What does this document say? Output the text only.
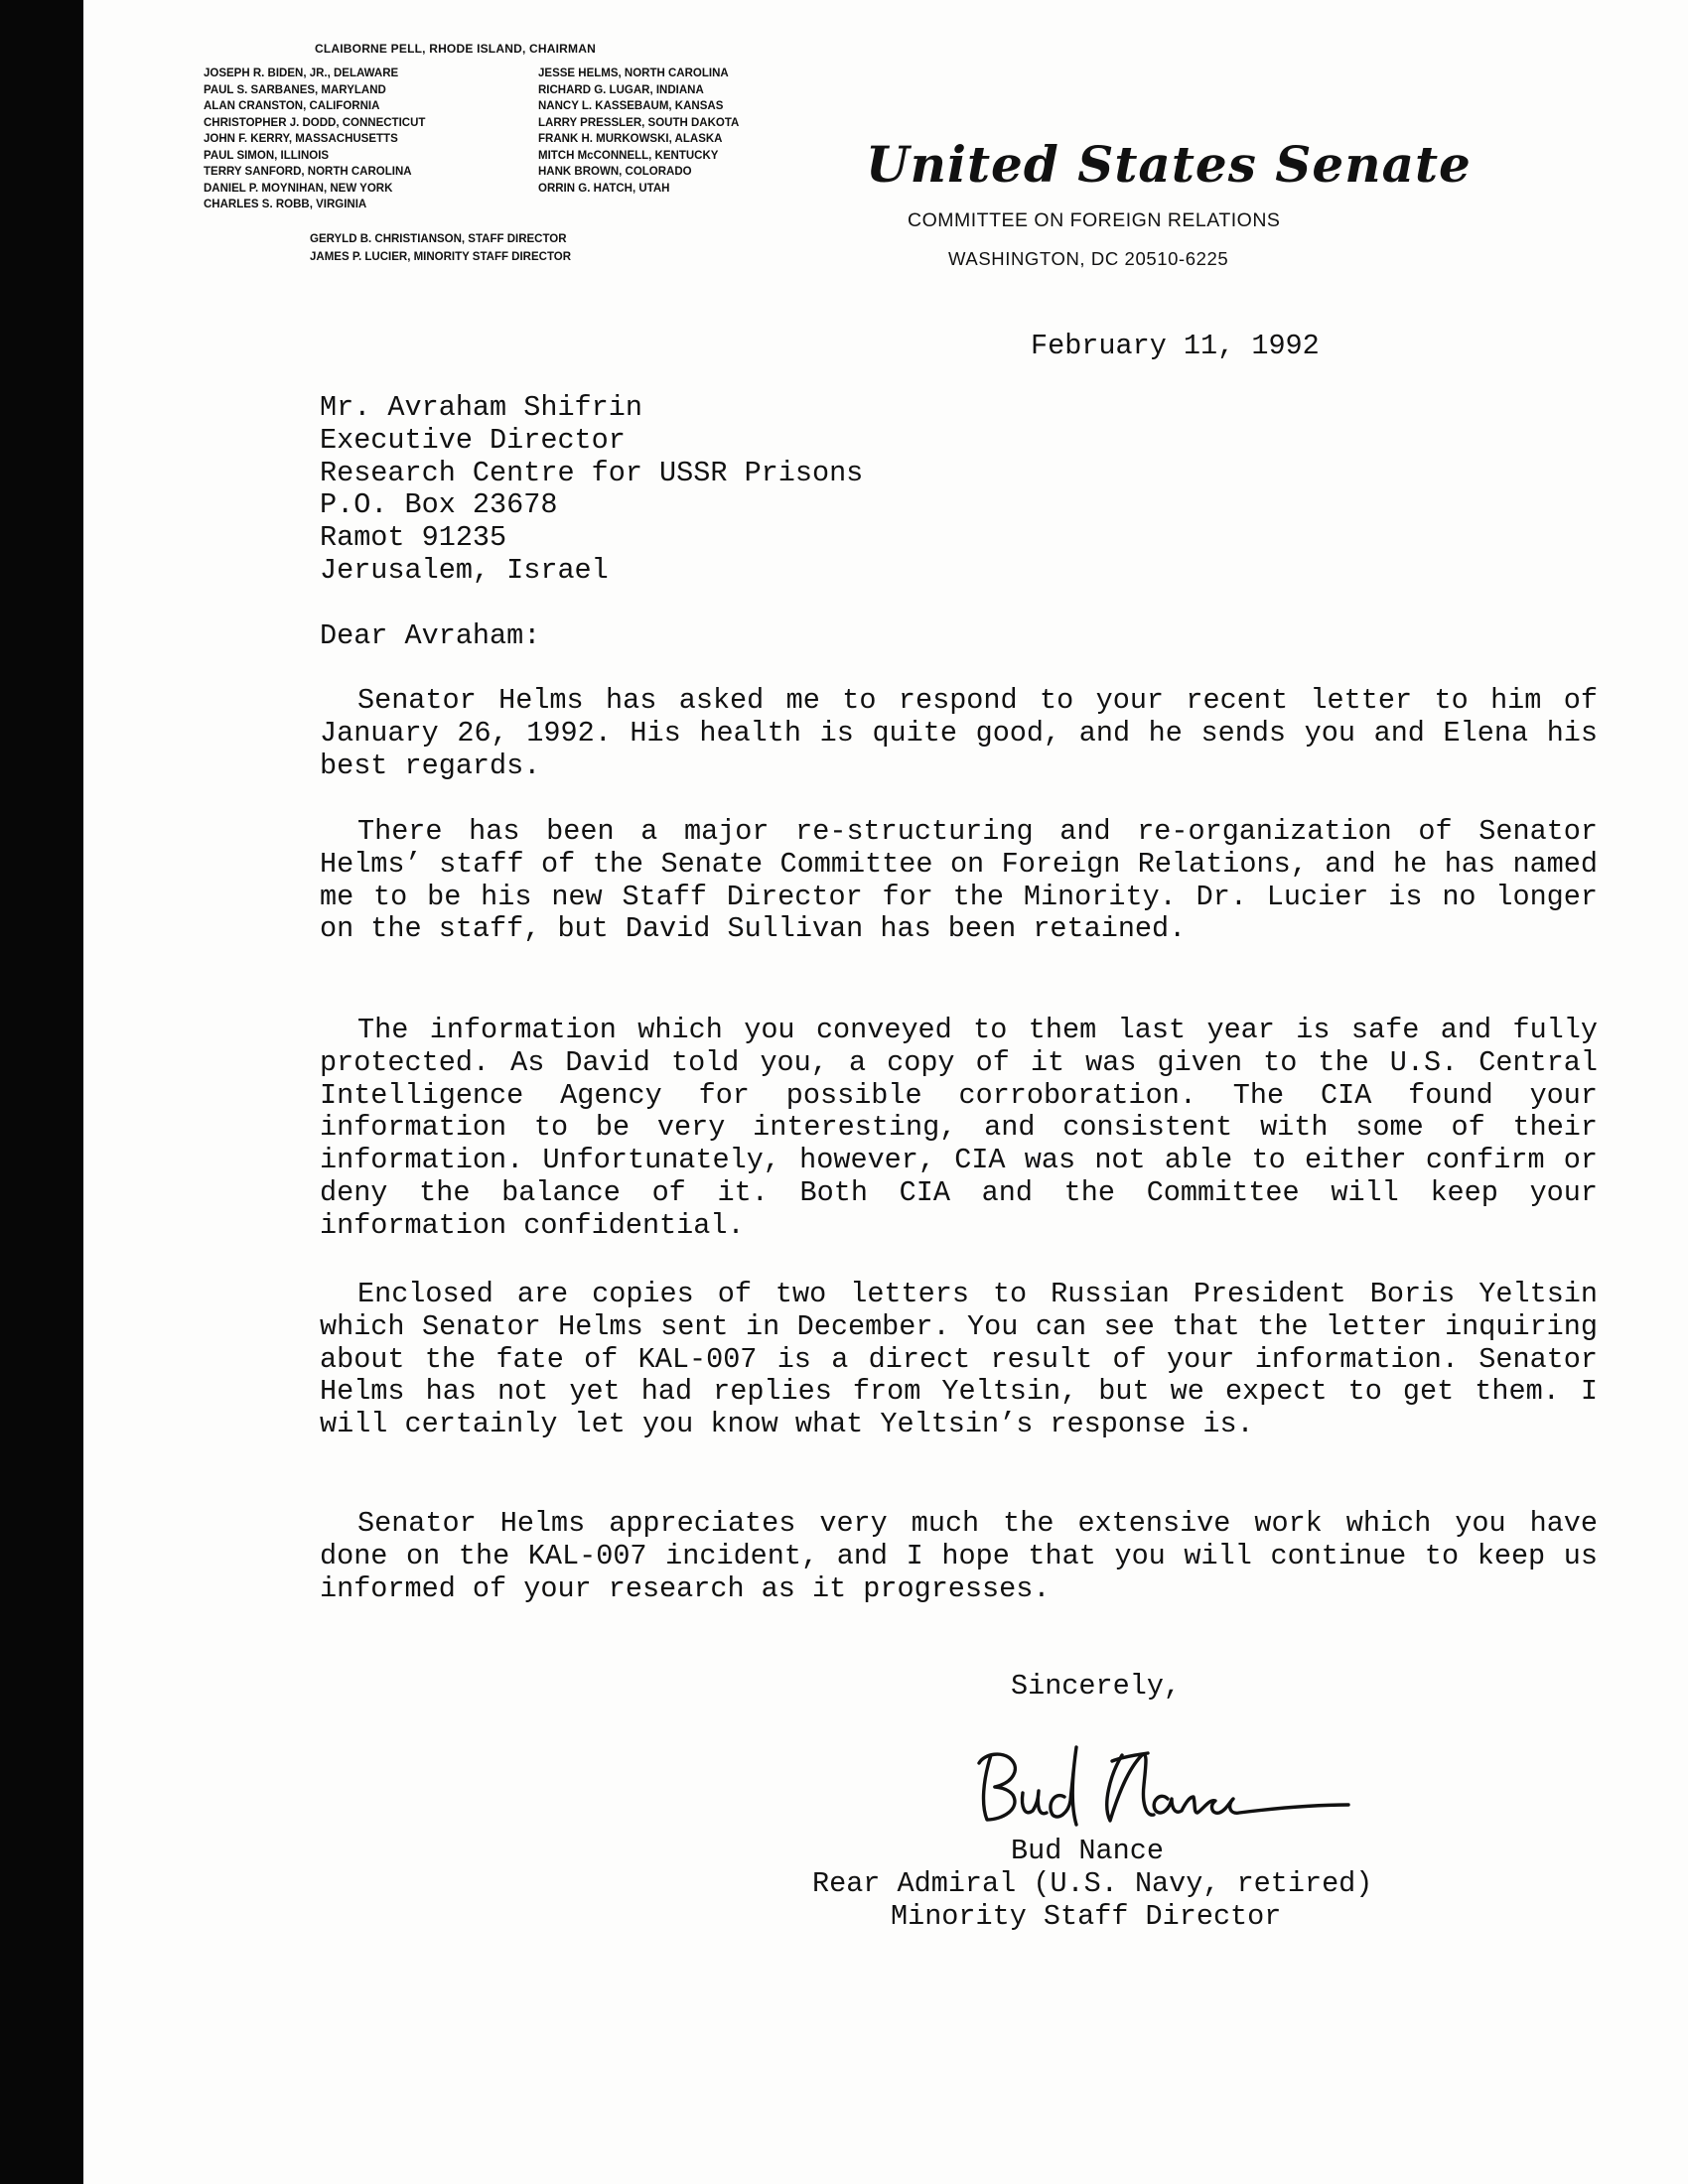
CLAIBORNE PELL, RHODE ISLAND, CHAIRMAN
JOSEPH R. BIDEN, JR., DELAWARE
PAUL S. SARBANES, MARYLAND
ALAN CRANSTON, CALIFORNIA
CHRISTOPHER J. DODD, CONNECTICUT
JOHN F. KERRY, MASSACHUSETTS
PAUL SIMON, ILLINOIS
TERRY SANFORD, NORTH CAROLINA
DANIEL P. MOYNIHAN, NEW YORK
CHARLES S. ROBB, VIRGINIA
JESSE HELMS, NORTH CAROLINA
RICHARD G. LUGAR, INDIANA
NANCY L. KASSEBAUM, KANSAS
LARRY PRESSLER, SOUTH DAKOTA
FRANK H. MURKOWSKI, ALASKA
MITCH McCONNELL, KENTUCKY
HANK BROWN, COLORADO
ORRIN G. HATCH, UTAH
GERYLD B. CHRISTIANSON, STAFF DIRECTOR
JAMES P. LUCIER, MINORITY STAFF DIRECTOR
United States Senate
COMMITTEE ON FOREIGN RELATIONS
WASHINGTON, DC 20510-6225
February 11, 1992
Mr. Avraham Shifrin
Executive Director
Research Centre for USSR Prisons
P.O. Box 23678
Ramot 91235
Jerusalem, Israel
Dear Avraham:

Senator Helms has asked me to respond to your recent letter to him of January 26, 1992. His health is quite good, and he sends you and Elena his best regards.

There has been a major re-structuring and re-organization of Senator Helms’ staff of the Senate Committee on Foreign Relations, and he has named me to be his new Staff Director for the Minority. Dr. Lucier is no longer on the staff, but David Sullivan has been retained.

The information which you conveyed to them last year is safe and fully protected. As David told you, a copy of it was given to the U.S. Central Intelligence Agency for possible corroboration. The CIA found your information to be very interesting, and consistent with some of their information. Unfortunately, however, CIA was not able to either confirm or deny the balance of it. Both CIA and the Committee will keep your information confidential.

Enclosed are copies of two letters to Russian President Boris Yeltsin which Senator Helms sent in December. You can see that the letter inquiring about the fate of KAL-007 is a direct result of your information. Senator Helms has not yet had replies from Yeltsin, but we expect to get them. I will certainly let you know what Yeltsin’s response is.

Senator Helms appreciates very much the extensive work which you have done on the KAL-007 incident, and I hope that you will continue to keep us informed of your research as it progresses.

Sincerely,
Bud Nance
Rear Admiral (U.S. Navy, retired)
Minority Staff Director
